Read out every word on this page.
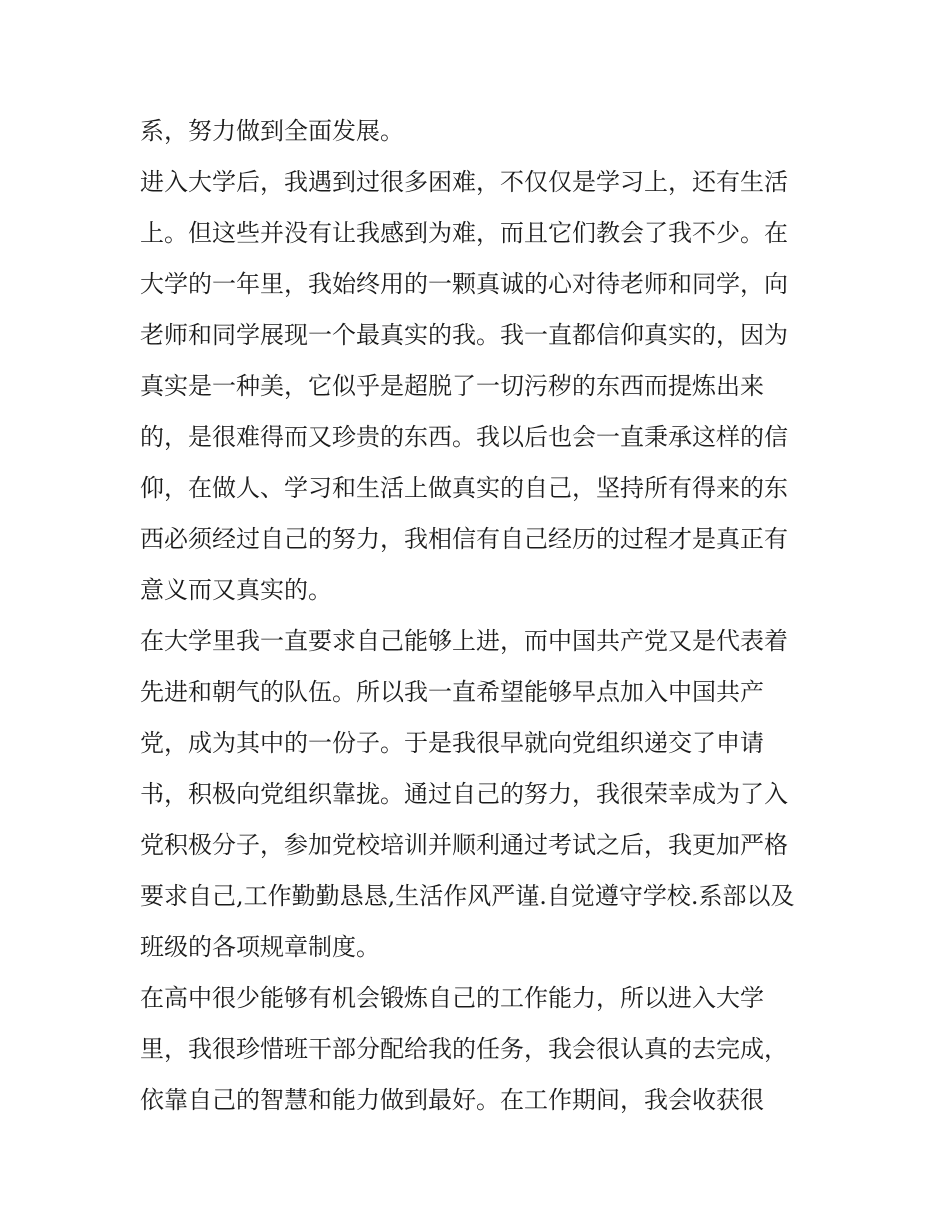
系，努力做到全面发展。
进入大学后，我遇到过很多困难，不仅仅是学习上，还有生活
上。但这些并没有让我感到为难，而且它们教会了我不少。在
大学的一年里，我始终用的一颗真诚的心对待老师和同学，向
老师和同学展现一个最真实的我。我一直都信仰真实的，因为
真实是一种美，它似乎是超脱了一切污秽的东西而提炼出来
的，是很难得而又珍贵的东西。我以后也会一直秉承这样的信
仰，在做人、学习和生活上做真实的自己，坚持所有得来的东
西必须经过自己的努力，我相信有自己经历的过程才是真正有
意义而又真实的。
在大学里我一直要求自己能够上进，而中国共产党又是代表着
先进和朝气的队伍。所以我一直希望能够早点加入中国共产
党，成为其中的一份子。于是我很早就向党组织递交了申请
书，积极向党组织靠拢。通过自己的努力，我很荣幸成为了入
党积极分子，参加党校培训并顺利通过考试之后，我更加严格
要求自己,工作勤勤恳恳,生活作风严谨.自觉遵守学校.系部以及
班级的各项规章制度。
在高中很少能够有机会锻炼自己的工作能力，所以进入大学
里，我很珍惜班干部分配给我的任务，我会很认真的去完成，
依靠自己的智慧和能力做到最好。在工作期间，我会收获很
